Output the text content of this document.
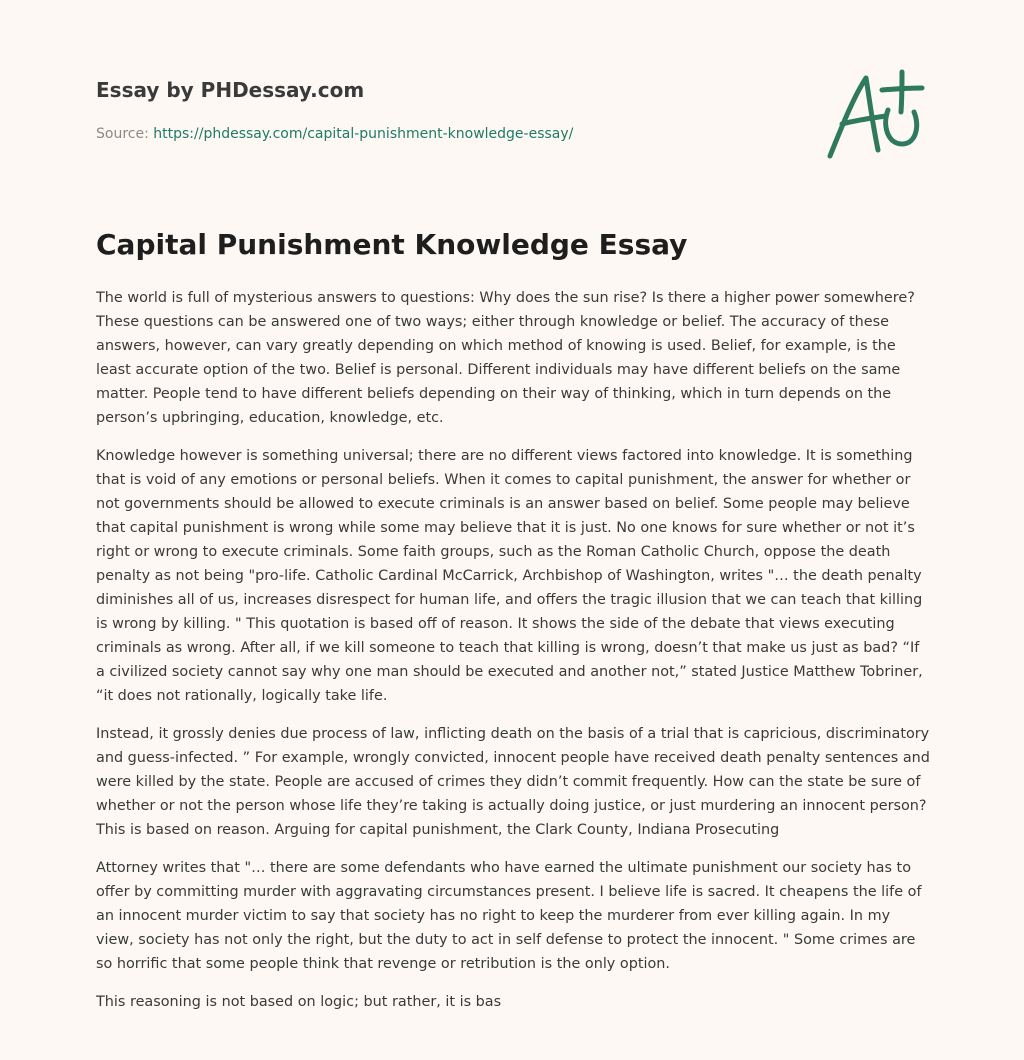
Essay by PHDessay.com

Source: https://phdessay.com/capital-punishment-knowledge-essay/
Capital Punishment Knowledge Essay

The world is full of mysterious answers to questions: Why does the sun rise? Is there a higher power somewhere? These questions can be answered one of two ways; either through knowledge or belief. The accuracy of these answers, however, can vary greatly depending on which method of knowing is used. Belief, for example, is the least accurate option of the two. Belief is personal. Different individuals may have different beliefs on the same matter. People tend to have different beliefs depending on their way of thinking, which in turn depends on the person’s upbringing, education, knowledge, etc.

Knowledge however is something universal; there are no different views factored into knowledge. It is something that is void of any emotions or personal beliefs. When it comes to capital punishment, the answer for whether or not governments should be allowed to execute criminals is an answer based on belief. Some people may believe that capital punishment is wrong while some may believe that it is just. No one knows for sure whether or not it’s right or wrong to execute criminals. Some faith groups, such as the Roman Catholic Church, oppose the death penalty as not being "pro-life. Catholic Cardinal McCarrick, Archbishop of Washington, writes "… the death penalty diminishes all of us, increases disrespect for human life, and offers the tragic illusion that we can teach that killing is wrong by killing. " This quotation is based off of reason. It shows the side of the debate that views executing criminals as wrong. After all, if we kill someone to teach that killing is wrong, doesn’t that make us just as bad? “If a civilized society cannot say why one man should be executed and another not,” stated Justice Matthew Tobriner, “it does not rationally, logically take life.

Instead, it grossly denies due process of law, inflicting death on the basis of a trial that is capricious, discriminatory and guess-infected. ” For example, wrongly convicted, innocent people have received death penalty sentences and were killed by the state. People are accused of crimes they didn’t commit frequently. How can the state be sure of whether or not the person whose life they’re taking is actually doing justice, or just murdering an innocent person? This is based on reason. Arguing for capital punishment, the Clark County, Indiana Prosecuting

Attorney writes that "… there are some defendants who have earned the ultimate punishment our society has to offer by committing murder with aggravating circumstances present. I believe life is sacred. It cheapens the life of an innocent murder victim to say that society has no right to keep the murderer from ever killing again. In my view, society has not only the right, but the duty to act in self defense to protect the innocent. " Some crimes are so horrific that some people think that revenge or retribution is the only option.

This reasoning is not based on logic; but rather, it is bas
